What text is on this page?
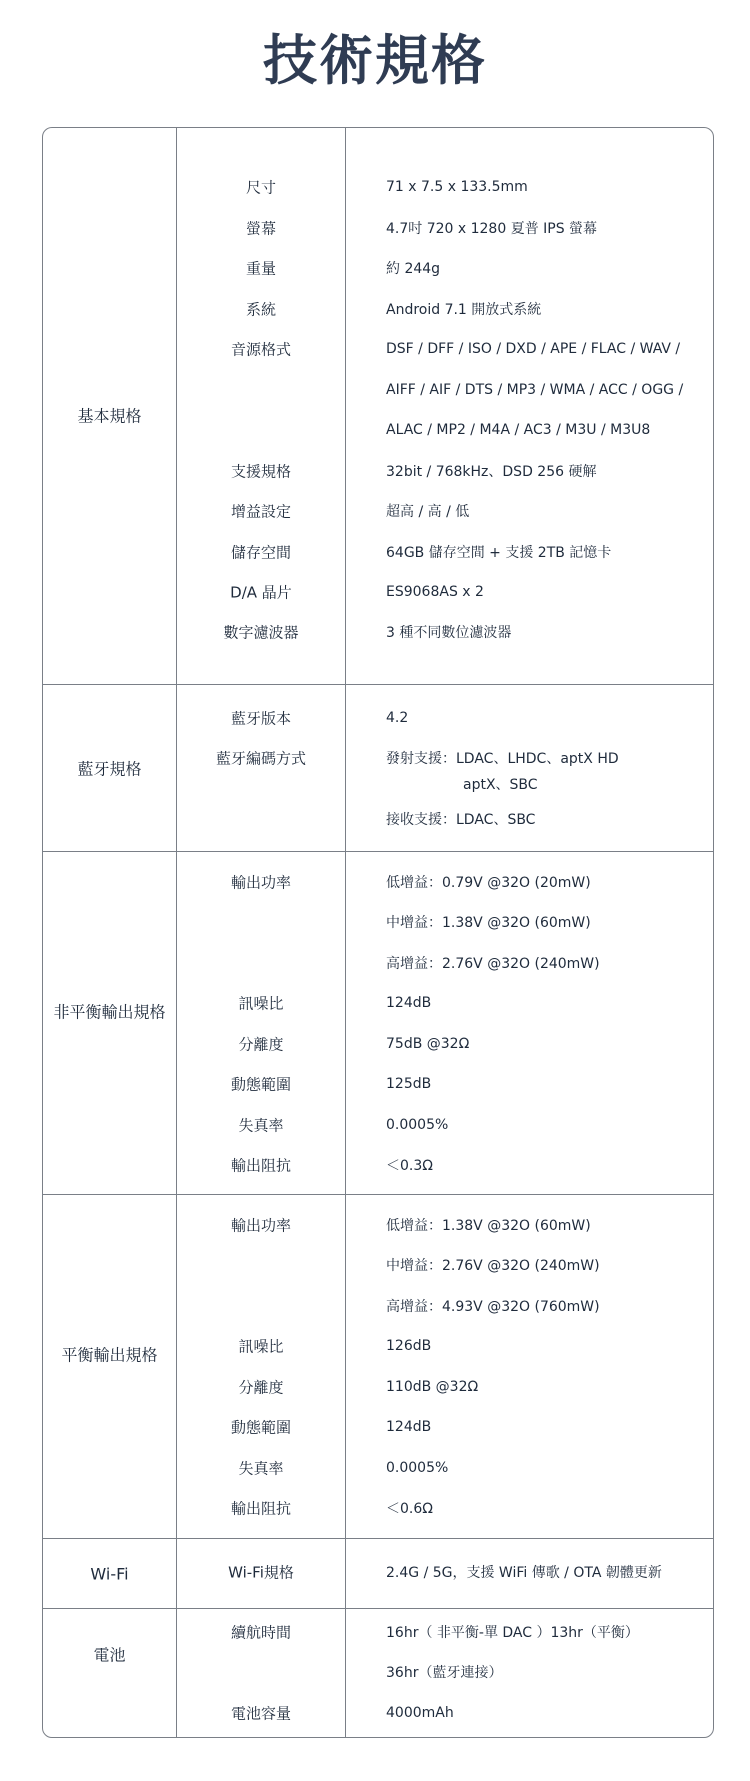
技術規格
基本規格
尺寸	71 x 7.5 x 133.5mm
螢幕	4.7吋 720 x 1280 夏普 IPS 螢幕
重量	約 244g
系統	Android 7.1 開放式系統
音源格式	DSF / DFF / ISO / DXD / APE / FLAC / WAV /
AIFF / AIF / DTS / MP3 / WMA / ACC / OGG /
ALAC / MP2 / M4A / AC3 / M3U / M3U8
支援規格	32bit / 768kHz、DSD 256 硬解
增益設定	超高 / 高 / 低
儲存空間	64GB 儲存空間 + 支援 2TB 記憶卡
D/A 晶片	ES9068AS x 2
數字濾波器	3 種不同數位濾波器
藍牙規格
藍牙版本	4.2
藍牙編碼方式	發射支援：LDAC、LHDC、aptX HD
aptX、SBC
接收支援：LDAC、SBC
非平衡輸出規格
輸出功率	低增益：0.79V @32O (20mW)
中增益：1.38V @32O (60mW)
高增益：2.76V @32O (240mW)
訊噪比	124dB
分離度	75dB @32Ω
動態範圍	125dB
失真率	0.0005%
輸出阻抗	＜0.3Ω
平衡輸出規格
輸出功率	低增益：1.38V @32O (60mW)
中增益：2.76V @32O (240mW)
高增益：4.93V @32O (760mW)
訊噪比	126dB
分離度	110dB @32Ω
動態範圍	124dB
失真率	0.0005%
輸出阻抗	＜0.6Ω
Wi-Fi	Wi-Fi規格	2.4G / 5G，支援 WiFi 傳歌 / OTA 韌體更新
電池
續航時間	16hr（ 非平衡-單 DAC ）13hr（平衡）
36hr（藍牙連接）
電池容量	4000mAh
